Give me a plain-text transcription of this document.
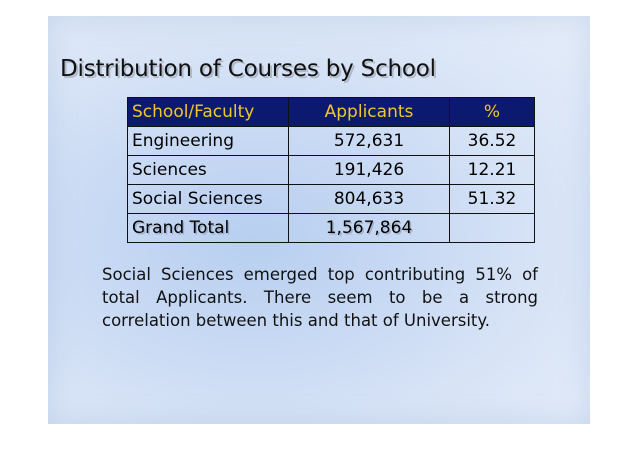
Distribution of Courses by School
School/Faculty	Applicants	%
Engineering	572,631	36.52
Sciences	191,426	12.21
Social Sciences	804,633	51.32
Grand Total	1,567,864	
Social Sciences emerged top contributing 51% of total Applicants. There seem to be a strong correlation between this and that of University.
